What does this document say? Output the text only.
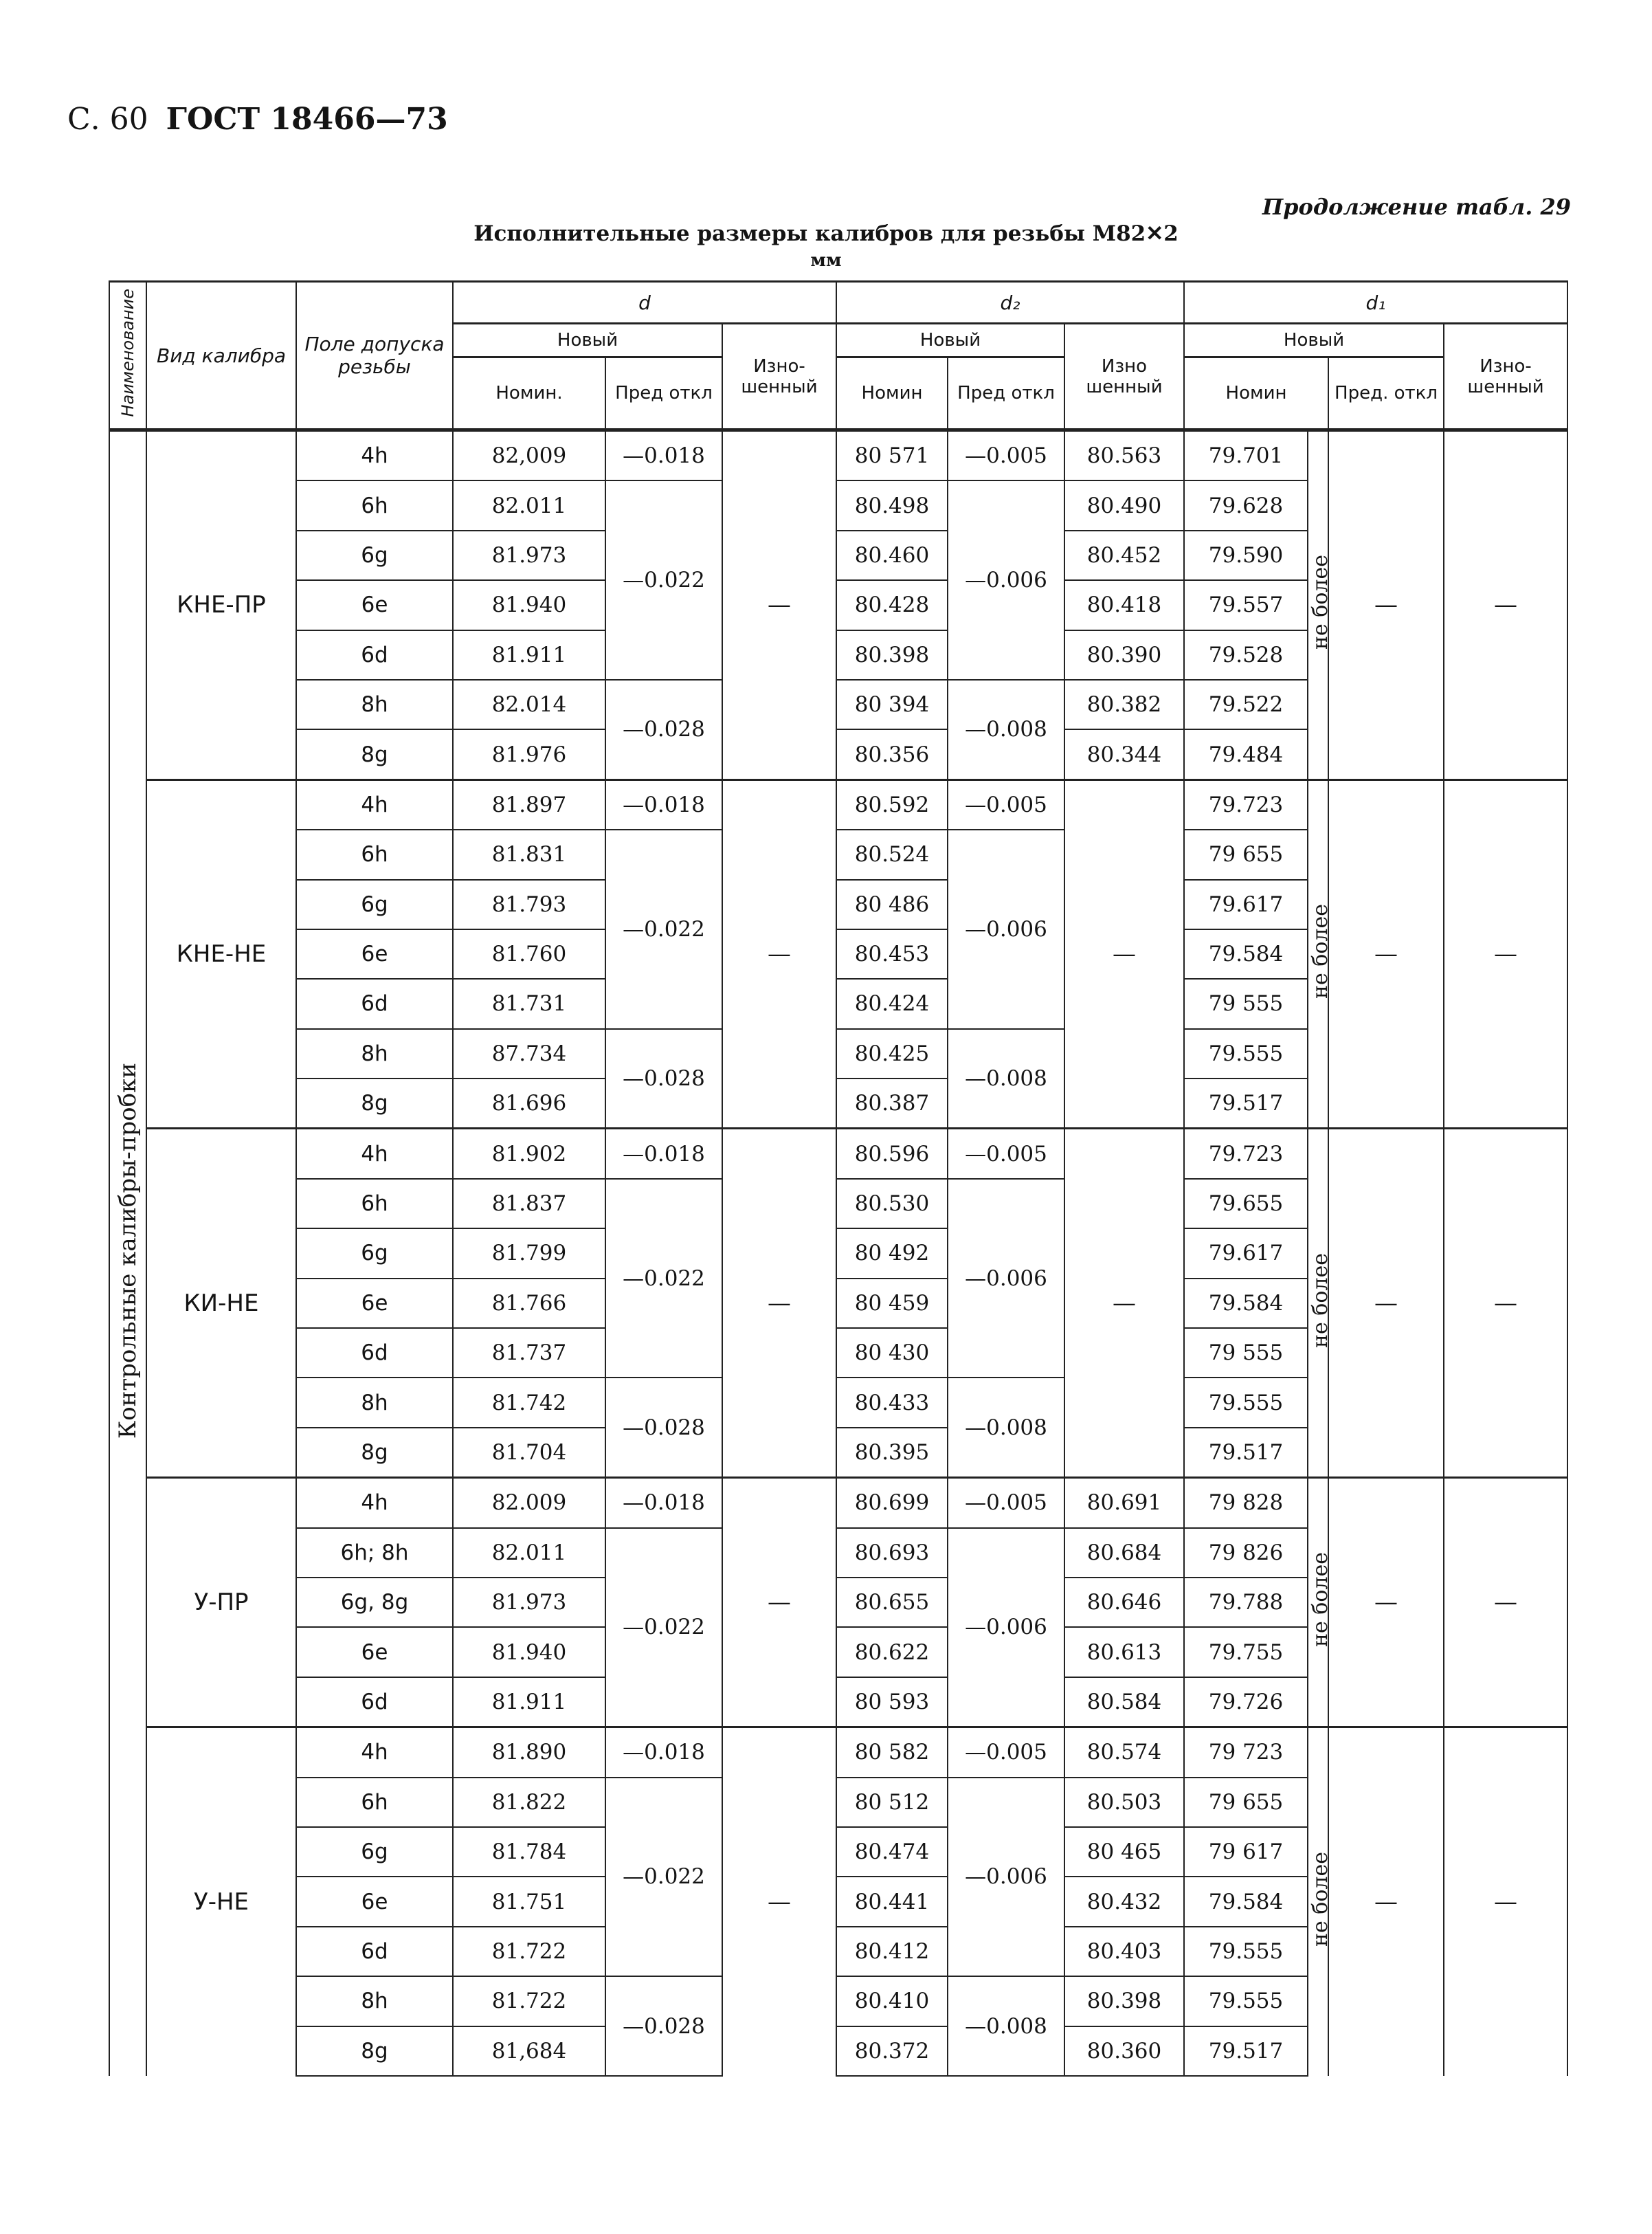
С. 60 ГОСТ 18466—73
Продолжение табл. 29
Исполнительные размеры калибров для резьбы М82✕2
мм
Наименование	Вид калибра	Поле допуска резьбы	d			d₂			d₁			
			Новый		Изно-шенный	Новый		Изно шенный	Новый			Изно-шенный
			Номин.	Пред откл		Номин	Пред откл		Номин		Пред. откл	
Контрольные калибры-пробки	КНЕ-ПР	4h	82,009	—0.018	—	80 571	—0.005	80.563	79.701	не более	—	—
		6h	82.011	—0.022		80.498	—0.006	80.490	79.628			
		6g	81.973			80.460		80.452	79.590			
		6e	81.940			80.428		80.418	79.557			
		6d	81.911			80.398		80.390	79.528			
		8h	82.014	—0.028		80 394	—0.008	80.382	79.522			
		8g	81.976			80.356		80.344	79.484			
	КНЕ-НЕ	4h	81.897	—0.018	—	80.592	—0.005	—	79.723	не более	—	—
		6h	81.831	—0.022		80.524	—0.006		79 655			
		6g	81.793			80 486			79.617			
		6e	81.760			80.453			79.584			
		6d	81.731			80.424			79 555			
		8h	87.734	—0.028		80.425	—0.008		79.555			
		8g	81.696			80.387			79.517			
	КИ-НЕ	4h	81.902	—0.018	—	80.596	—0.005	—	79.723	не более	—	—
		6h	81.837	—0.022		80.530	—0.006		79.655			
		6g	81.799			80 492			79.617			
		6e	81.766			80 459			79.584			
		6d	81.737			80 430			79 555			
		8h	81.742	—0.028		80.433	—0.008		79.555			
		8g	81.704			80.395			79.517			
	У-ПР	4h	82.009	—0.018	—	80.699	—0.005	80.691	79 828	не более	—	—
		6h; 8h	82.011	—0.022		80.693	—0.006	80.684	79 826			
		6g, 8g	81.973			80.655		80.646	79.788			
		6e	81.940			80.622		80.613	79.755			
		6d	81.911			80 593		80.584	79.726			
	У-НЕ	4h	81.890	—0.018	—	80 582	—0.005	80.574	79 723	не более	—	—
		6h	81.822	—0.022		80 512	—0.006	80.503	79 655			
		6g	81.784			80.474		80 465	79 617			
		6e	81.751			80.441		80.432	79.584			
		6d	81.722			80.412		80.403	79.555			
		8h	81.722	—0.028		80.410	—0.008	80.398	79.555			
		8g	81,684			80.372		80.360	79.517			
